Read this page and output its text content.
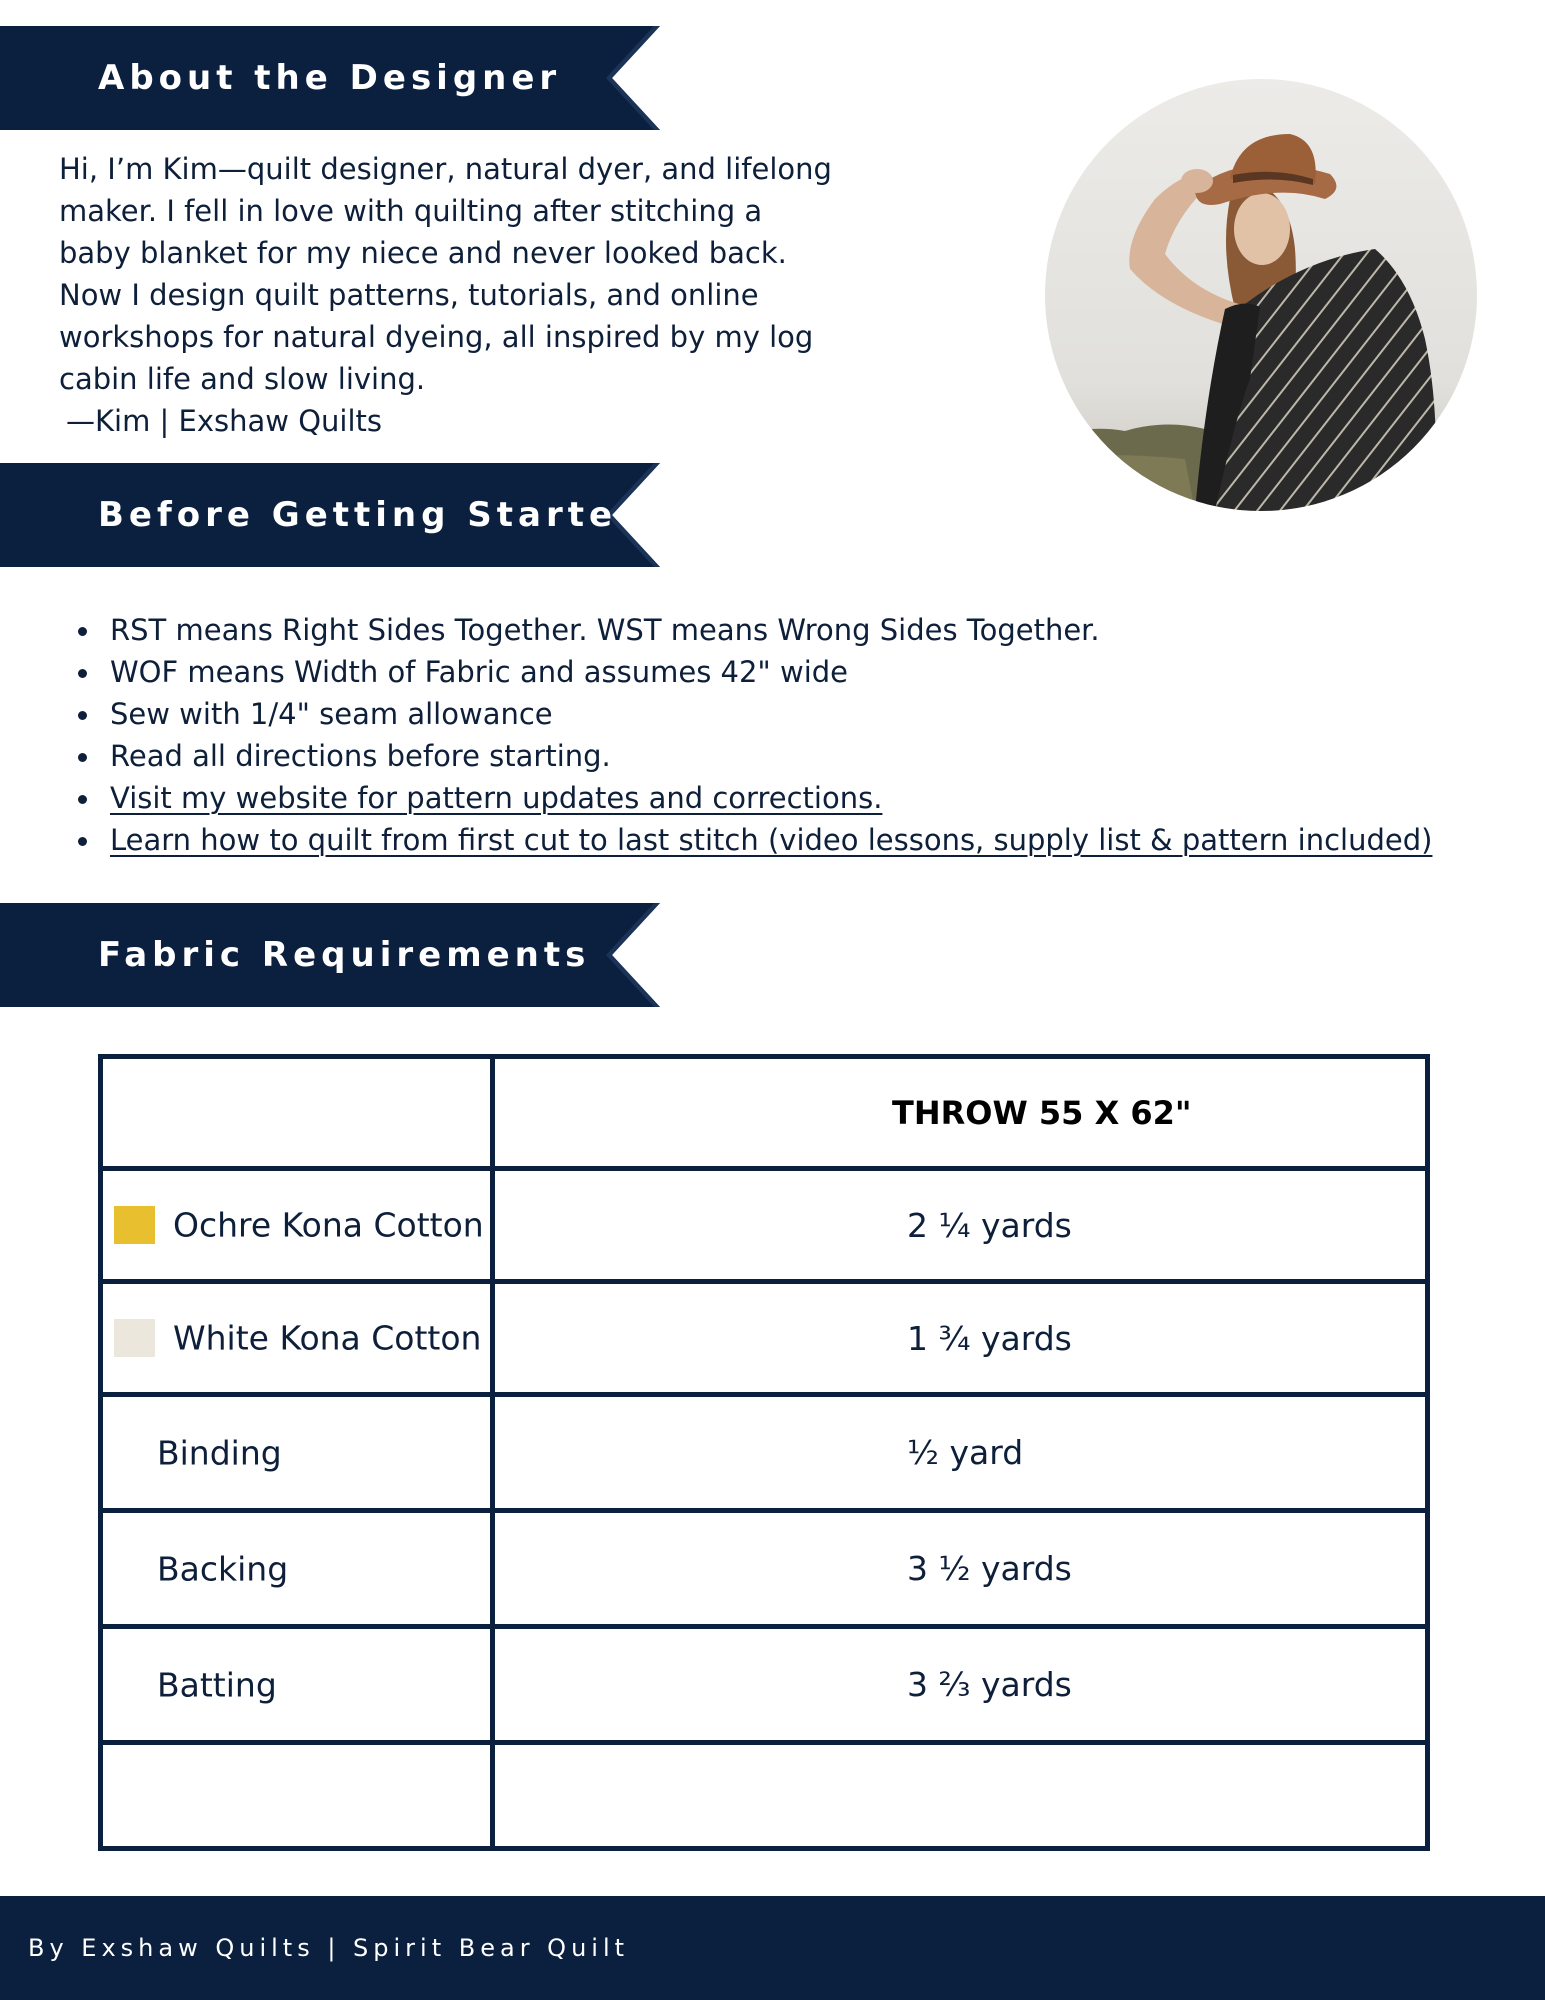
About the Designer

Hi, I’m Kim—quilt designer, natural dyer, and lifelong maker. I fell in love with quilting after stitching a baby blanket for my niece and never looked back. Now I design quilt patterns, tutorials, and online workshops for natural dyeing, all inspired by my log cabin life and slow living.

—Kim | Exshaw Quilts
Before Getting Started
RST means Right Sides Together. WST means Wrong Sides Together.
WOF means Width of Fabric and assumes 42" wide
Sew with 1/4" seam allowance
Read all directions before starting.
Visit my website for pattern updates and corrections.
Learn how to quilt from first cut to last stitch (video lessons, supply list & pattern included)
Fabric Requirements
	THROW 55 X 62"

Ochre Kona Cotton	2 ¼ yards

White Kona Cotton	1 ¾ yards

Binding	½ yard

Backing	3 ½ yards

Batting	3 ⅔ yards

By Exshaw Quilts | Spirit Bear Quilt
